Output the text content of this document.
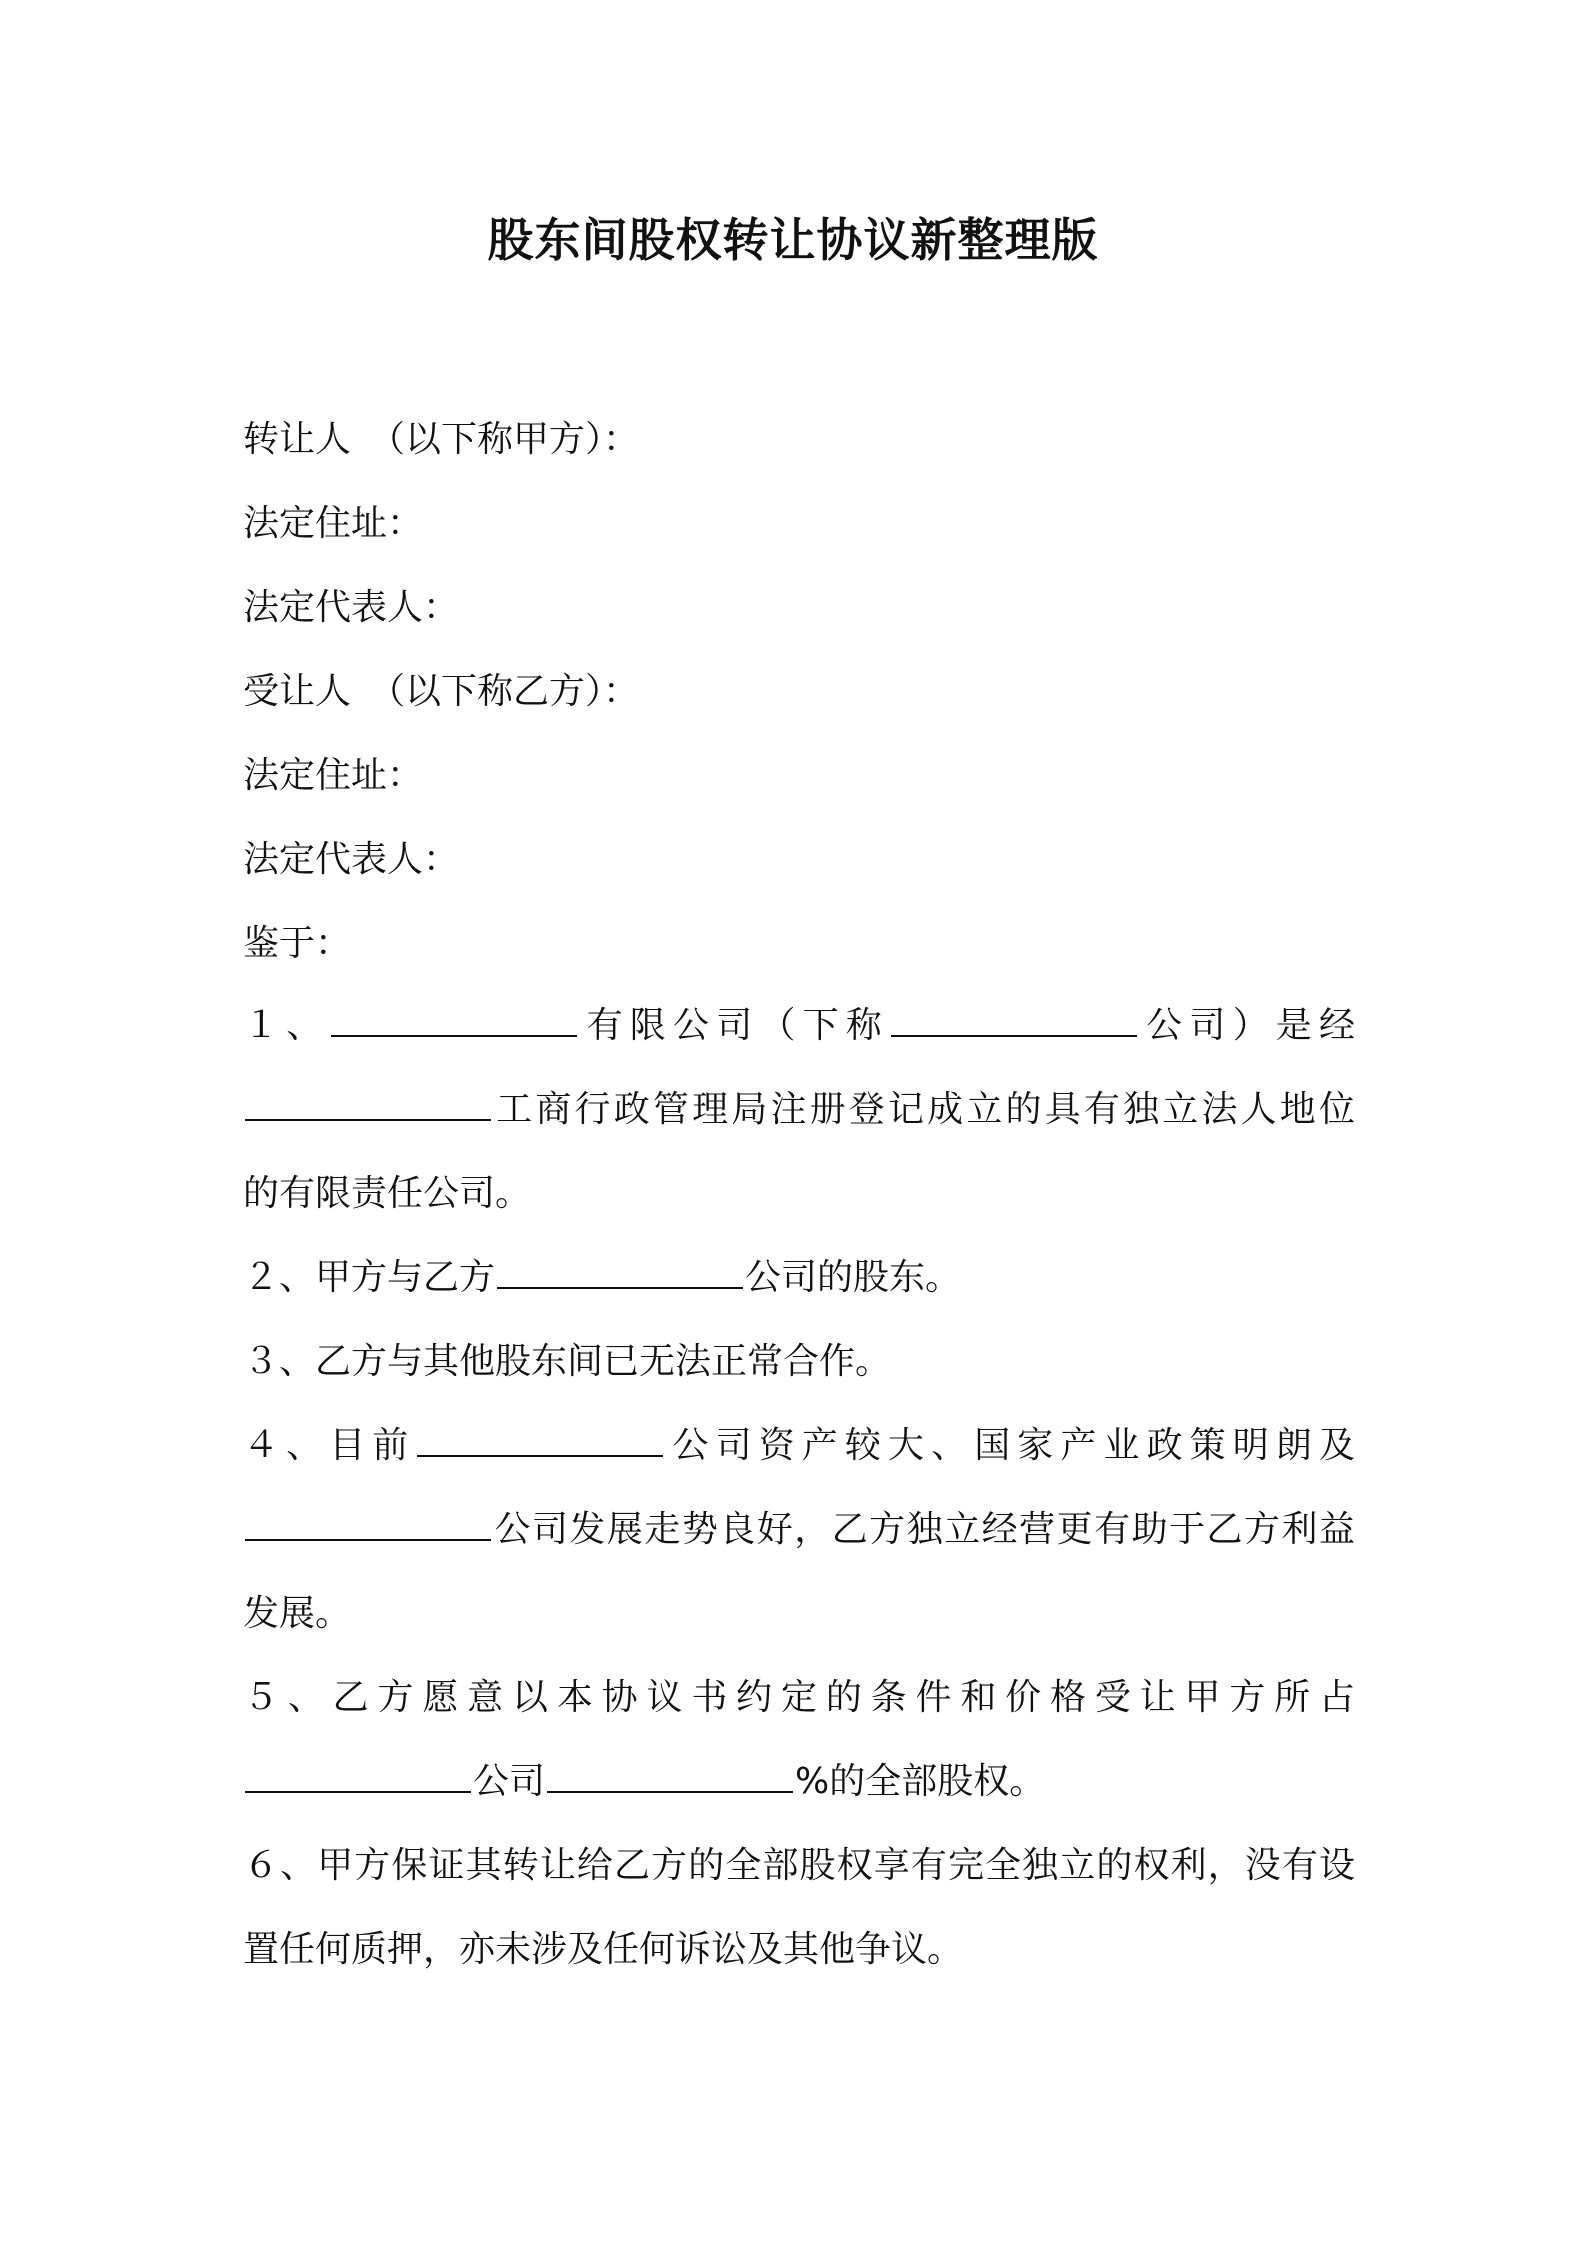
股东间股权转让协议新整理版
转让人　（以下称甲方）：
法定住址：
法定代表人：
受让人　（以下称乙方）：
法定住址：
法定代表人：
鉴于：
１、	有限公司（下称	公司）是经
工商行政管理局注册登记成立的具有独立法人地位
的有限责任公司。
２、甲方与乙方	公司的股东。
３、乙方与其他股东间已无法正常合作。
４、目前	公司资产较大、国家产业政策明朗及
公司发展走势良好，乙方独立经营更有助于乙方利益
发展。
５、乙方愿意以本协议书约定的条件和价格受让甲方所占
公司	%的全部股权。
６、甲方保证其转让给乙方的全部股权享有完全独立的权利，没有设
置任何质押，亦未涉及任何诉讼及其他争议。
